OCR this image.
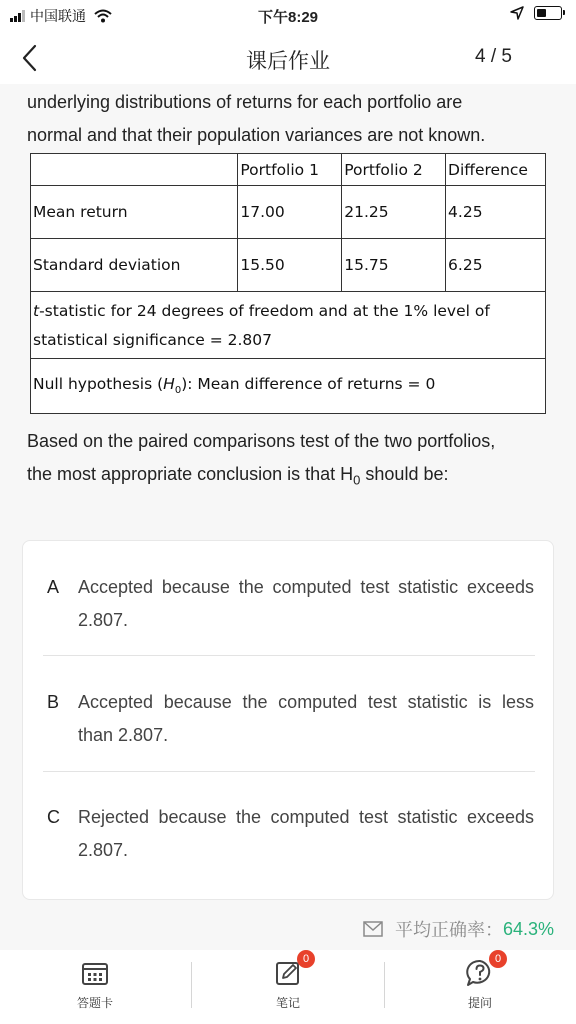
中国联通	下午8:29
课后作业	4 / 5

underlying distributions of returns for each portfolio are

normal and that their population variances are not known.

	Portfolio 1	Portfolio 2	Difference
Mean return	17.00	21.25	4.25
Standard deviation	15.50	15.75	6.25
t-statistic for 24 degrees of freedom and at the 1% level of
statistical significance = 2.807			
Null hypothesis $(H_0)$: Mean difference of returns = 0			
Based on the paired comparisons test of the two portfolios,
the most appropriate conclusion is that $H_0$ should be:
A Accepted because the computed test statistic exceeds 2.807.
B Accepted because the computed test statistic is less than 2.807.
C Rejected because the computed test statistic exceeds 2.807.
平均正确率： 64.3%
答题卡
0
笔记
0
提问
